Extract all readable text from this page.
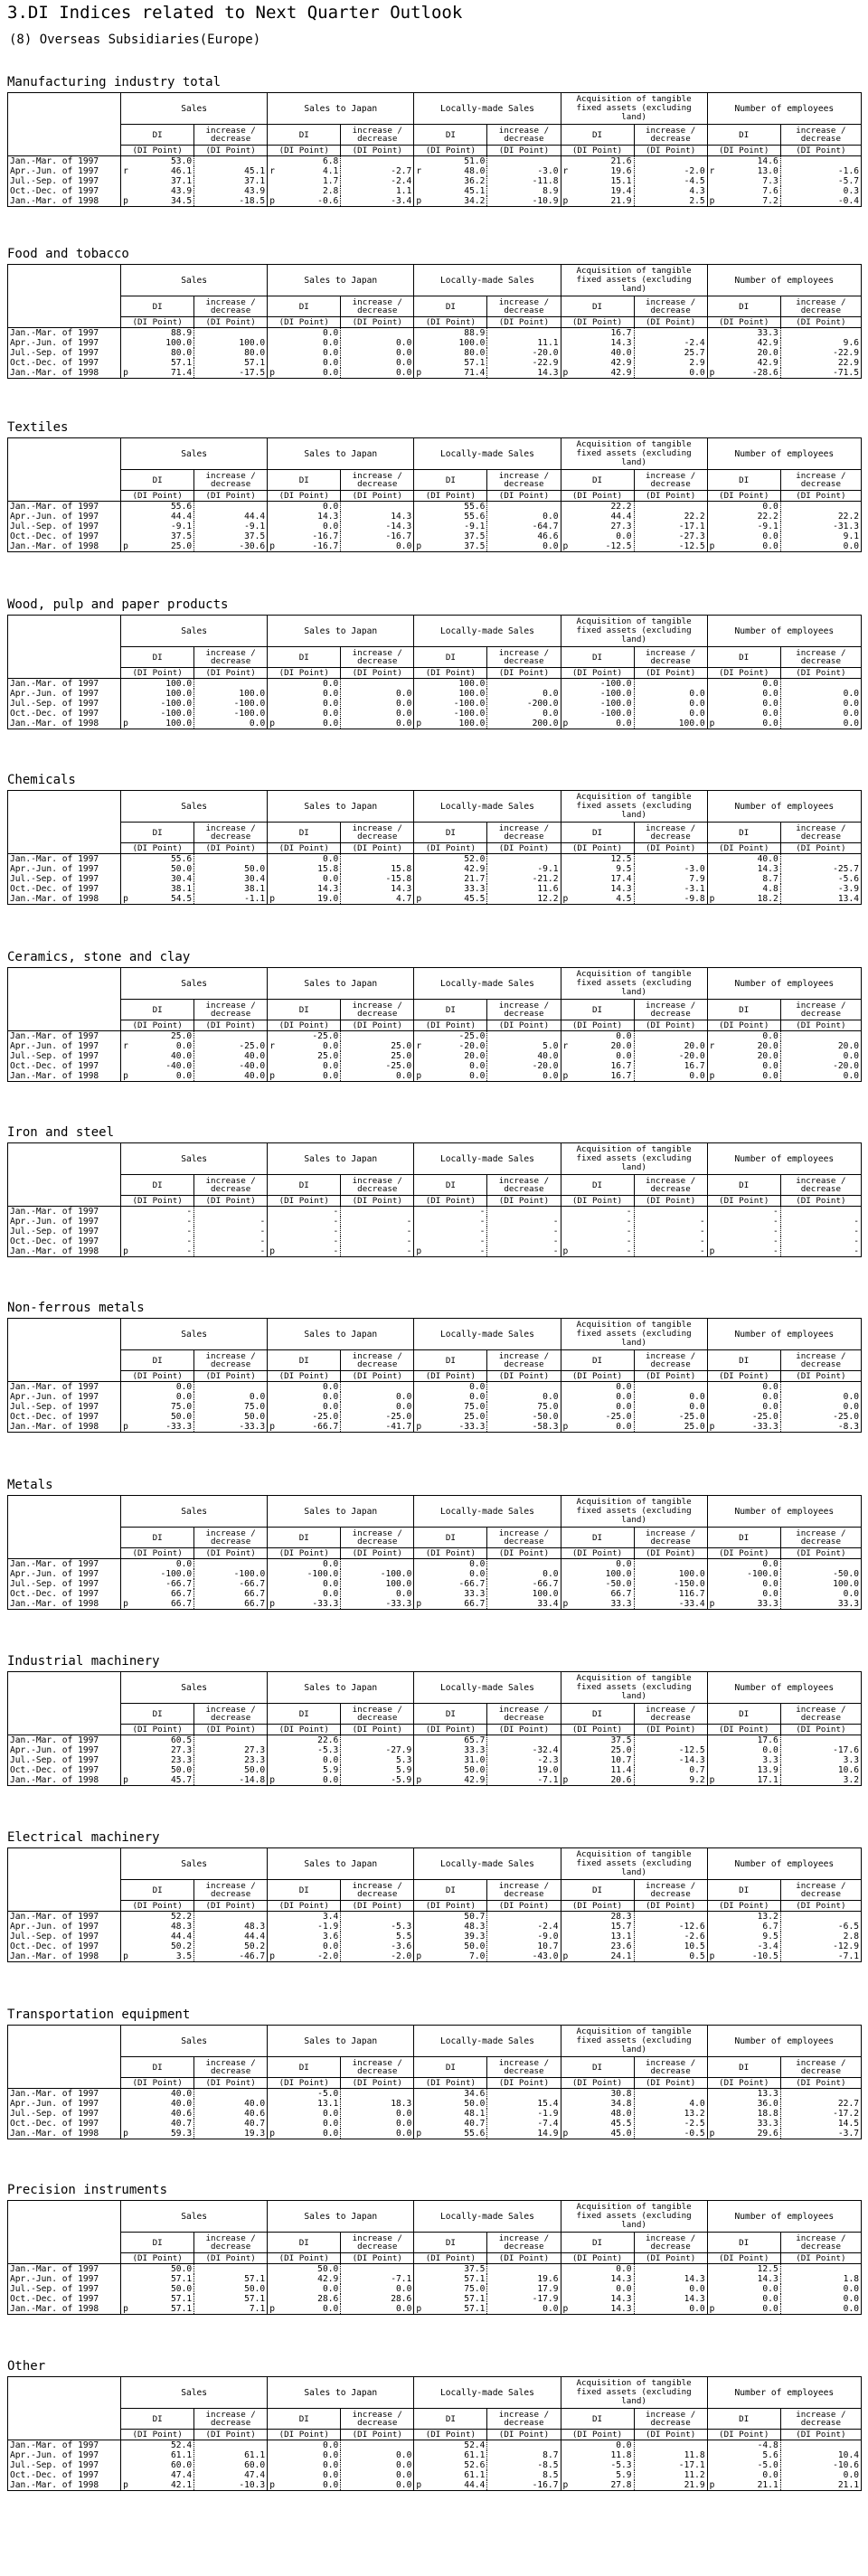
3.DI Indices related to Next Quarter Outlook
(8) Overseas Subsidiaries(Europe)
Manufacturing industry total
	Sales				Sales to Japan				Locally-made Sales				Acquisition of tangible fixed assets (excluding land)				Number of employees			
	DI		increase / decrease		DI		increase / decrease		DI		increase / decrease		DI		increase / decrease		DI		increase / decrease	
	(DI Point)		(DI Point)		(DI Point)		(DI Point)		(DI Point)		(DI Point)		(DI Point)		(DI Point)		(DI Point)		(DI Point)	
Jan.-Mar. of 1997		53.0				6.8				51.0				21.6				14.6		
Apr.-Jun. of 1997	r	46.1		45.1	r	4.1		-2.7	r	48.0		-3.0	r	19.6		-2.0	r	13.0		-1.6
Jul.-Sep. of 1997		37.1		37.1		1.7		-2.4		36.2		-11.8		15.1		-4.5		7.3		-5.7
Oct.-Dec. of 1997		43.9		43.9		2.8		1.1		45.1		8.9		19.4		4.3		7.6		0.3
Jan.-Mar. of 1998	p	34.5		-18.5	p	-0.6		-3.4	p	34.2		-10.9	p	21.9		2.5	p	7.2		-0.4
Food and tobacco
	Sales				Sales to Japan				Locally-made Sales				Acquisition of tangible fixed assets (excluding land)				Number of employees			
	DI		increase / decrease		DI		increase / decrease		DI		increase / decrease		DI		increase / decrease		DI		increase / decrease	
	(DI Point)		(DI Point)		(DI Point)		(DI Point)		(DI Point)		(DI Point)		(DI Point)		(DI Point)		(DI Point)		(DI Point)	
Jan.-Mar. of 1997		88.9				0.0				88.9				16.7				33.3		
Apr.-Jun. of 1997		100.0		100.0		0.0		0.0		100.0		11.1		14.3		-2.4		42.9		9.6
Jul.-Sep. of 1997		80.0		80.0		0.0		0.0		80.0		-20.0		40.0		25.7		20.0		-22.9
Oct.-Dec. of 1997		57.1		57.1		0.0		0.0		57.1		-22.9		42.9		2.9		42.9		22.9
Jan.-Mar. of 1998	p	71.4		-17.5	p	0.0		0.0	p	71.4		14.3	p	42.9		0.0	p	-28.6		-71.5
Textiles
	Sales				Sales to Japan				Locally-made Sales				Acquisition of tangible fixed assets (excluding land)				Number of employees			
	DI		increase / decrease		DI		increase / decrease		DI		increase / decrease		DI		increase / decrease		DI		increase / decrease	
	(DI Point)		(DI Point)		(DI Point)		(DI Point)		(DI Point)		(DI Point)		(DI Point)		(DI Point)		(DI Point)		(DI Point)	
Jan.-Mar. of 1997		55.6				0.0				55.6				22.2				0.0		
Apr.-Jun. of 1997		44.4		44.4		14.3		14.3		55.6		0.0		44.4		22.2		22.2		22.2
Jul.-Sep. of 1997		-9.1		-9.1		0.0		-14.3		-9.1		-64.7		27.3		-17.1		-9.1		-31.3
Oct.-Dec. of 1997		37.5		37.5		-16.7		-16.7		37.5		46.6		0.0		-27.3		0.0		9.1
Jan.-Mar. of 1998	p	25.0		-30.6	p	-16.7		0.0	p	37.5		0.0	p	-12.5		-12.5	p	0.0		0.0
Wood, pulp and paper products
	Sales				Sales to Japan				Locally-made Sales				Acquisition of tangible fixed assets (excluding land)				Number of employees			
	DI		increase / decrease		DI		increase / decrease		DI		increase / decrease		DI		increase / decrease		DI		increase / decrease	
	(DI Point)		(DI Point)		(DI Point)		(DI Point)		(DI Point)		(DI Point)		(DI Point)		(DI Point)		(DI Point)		(DI Point)	
Jan.-Mar. of 1997		100.0				0.0				100.0				-100.0				0.0		
Apr.-Jun. of 1997		100.0		100.0		0.0		0.0		100.0		0.0		-100.0		0.0		0.0		0.0
Jul.-Sep. of 1997		-100.0		-100.0		0.0		0.0		-100.0		-200.0		-100.0		0.0		0.0		0.0
Oct.-Dec. of 1997		-100.0		-100.0		0.0		0.0		-100.0		0.0		-100.0		0.0		0.0		0.0
Jan.-Mar. of 1998	p	100.0		0.0	p	0.0		0.0	p	100.0		200.0	p	0.0		100.0	p	0.0		0.0
Chemicals
	Sales				Sales to Japan				Locally-made Sales				Acquisition of tangible fixed assets (excluding land)				Number of employees			
	DI		increase / decrease		DI		increase / decrease		DI		increase / decrease		DI		increase / decrease		DI		increase / decrease	
	(DI Point)		(DI Point)		(DI Point)		(DI Point)		(DI Point)		(DI Point)		(DI Point)		(DI Point)		(DI Point)		(DI Point)	
Jan.-Mar. of 1997		55.6				0.0				52.0				12.5				40.0		
Apr.-Jun. of 1997		50.0		50.0		15.8		15.8		42.9		-9.1		9.5		-3.0		14.3		-25.7
Jul.-Sep. of 1997		30.4		30.4		0.0		-15.8		21.7		-21.2		17.4		7.9		8.7		-5.6
Oct.-Dec. of 1997		38.1		38.1		14.3		14.3		33.3		11.6		14.3		-3.1		4.8		-3.9
Jan.-Mar. of 1998	p	54.5		-1.1	p	19.0		4.7	p	45.5		12.2	p	4.5		-9.8	p	18.2		13.4
Ceramics, stone and clay
	Sales				Sales to Japan				Locally-made Sales				Acquisition of tangible fixed assets (excluding land)				Number of employees			
	DI		increase / decrease		DI		increase / decrease		DI		increase / decrease		DI		increase / decrease		DI		increase / decrease	
	(DI Point)		(DI Point)		(DI Point)		(DI Point)		(DI Point)		(DI Point)		(DI Point)		(DI Point)		(DI Point)		(DI Point)	
Jan.-Mar. of 1997		25.0				-25.0				-25.0				0.0				0.0		
Apr.-Jun. of 1997	r	0.0		-25.0	r	0.0		25.0	r	-20.0		5.0	r	20.0		20.0	r	20.0		20.0
Jul.-Sep. of 1997		40.0		40.0		25.0		25.0		20.0		40.0		0.0		-20.0		20.0		0.0
Oct.-Dec. of 1997		-40.0		-40.0		0.0		-25.0		0.0		-20.0		16.7		16.7		0.0		-20.0
Jan.-Mar. of 1998	p	0.0		40.0	p	0.0		0.0	p	0.0		0.0	p	16.7		0.0	p	0.0		0.0
Iron and steel
	Sales				Sales to Japan				Locally-made Sales				Acquisition of tangible fixed assets (excluding land)				Number of employees			
	DI		increase / decrease		DI		increase / decrease		DI		increase / decrease		DI		increase / decrease		DI		increase / decrease	
	(DI Point)		(DI Point)		(DI Point)		(DI Point)		(DI Point)		(DI Point)		(DI Point)		(DI Point)		(DI Point)		(DI Point)	
Jan.-Mar. of 1997		-				-				-				-				-		
Apr.-Jun. of 1997		-		-		-		-		-		-		-		-		-		-
Jul.-Sep. of 1997		-		-		-		-		-		-		-		-		-		-
Oct.-Dec. of 1997		-		-		-		-		-		-		-		-		-		-
Jan.-Mar. of 1998	p	-		-	p	-		-	p	-		-	p	-		-	p	-		-
Non-ferrous metals
	Sales				Sales to Japan				Locally-made Sales				Acquisition of tangible fixed assets (excluding land)				Number of employees			
	DI		increase / decrease		DI		increase / decrease		DI		increase / decrease		DI		increase / decrease		DI		increase / decrease	
	(DI Point)		(DI Point)		(DI Point)		(DI Point)		(DI Point)		(DI Point)		(DI Point)		(DI Point)		(DI Point)		(DI Point)	
Jan.-Mar. of 1997		0.0				0.0				0.0				0.0				0.0		
Apr.-Jun. of 1997		0.0		0.0		0.0		0.0		0.0		0.0		0.0		0.0		0.0		0.0
Jul.-Sep. of 1997		75.0		75.0		0.0		0.0		75.0		75.0		0.0		0.0		0.0		0.0
Oct.-Dec. of 1997		50.0		50.0		-25.0		-25.0		25.0		-50.0		-25.0		-25.0		-25.0		-25.0
Jan.-Mar. of 1998	p	-33.3		-33.3	p	-66.7		-41.7	p	-33.3		-58.3	p	0.0		25.0	p	-33.3		-8.3
Metals
	Sales				Sales to Japan				Locally-made Sales				Acquisition of tangible fixed assets (excluding land)				Number of employees			
	DI		increase / decrease		DI		increase / decrease		DI		increase / decrease		DI		increase / decrease		DI		increase / decrease	
	(DI Point)		(DI Point)		(DI Point)		(DI Point)		(DI Point)		(DI Point)		(DI Point)		(DI Point)		(DI Point)		(DI Point)	
Jan.-Mar. of 1997		0.0				0.0				0.0				0.0				0.0		
Apr.-Jun. of 1997		-100.0		-100.0		-100.0		-100.0		0.0		0.0		100.0		100.0		-100.0		-50.0
Jul.-Sep. of 1997		-66.7		-66.7		0.0		100.0		-66.7		-66.7		-50.0		-150.0		0.0		100.0
Oct.-Dec. of 1997		66.7		66.7		0.0		0.0		33.3		100.0		66.7		116.7		0.0		0.0
Jan.-Mar. of 1998	p	66.7		66.7	p	-33.3		-33.3	p	66.7		33.4	p	33.3		-33.4	p	33.3		33.3
Industrial machinery
	Sales				Sales to Japan				Locally-made Sales				Acquisition of tangible fixed assets (excluding land)				Number of employees			
	DI		increase / decrease		DI		increase / decrease		DI		increase / decrease		DI		increase / decrease		DI		increase / decrease	
	(DI Point)		(DI Point)		(DI Point)		(DI Point)		(DI Point)		(DI Point)		(DI Point)		(DI Point)		(DI Point)		(DI Point)	
Jan.-Mar. of 1997		60.5				22.6				65.7				37.5				17.6		
Apr.-Jun. of 1997		27.3		27.3		-5.3		-27.9		33.3		-32.4		25.0		-12.5		0.0		-17.6
Jul.-Sep. of 1997		23.3		23.3		0.0		5.3		31.0		-2.3		10.7		-14.3		3.3		3.3
Oct.-Dec. of 1997		50.0		50.0		5.9		5.9		50.0		19.0		11.4		0.7		13.9		10.6
Jan.-Mar. of 1998	p	45.7		-14.8	p	0.0		-5.9	p	42.9		-7.1	p	20.6		9.2	p	17.1		3.2
Electrical machinery
	Sales				Sales to Japan				Locally-made Sales				Acquisition of tangible fixed assets (excluding land)				Number of employees			
	DI		increase / decrease		DI		increase / decrease		DI		increase / decrease		DI		increase / decrease		DI		increase / decrease	
	(DI Point)		(DI Point)		(DI Point)		(DI Point)		(DI Point)		(DI Point)		(DI Point)		(DI Point)		(DI Point)		(DI Point)	
Jan.-Mar. of 1997		52.2				3.4				50.7				28.3				13.2		
Apr.-Jun. of 1997		48.3		48.3		-1.9		-5.3		48.3		-2.4		15.7		-12.6		6.7		-6.5
Jul.-Sep. of 1997		44.4		44.4		3.6		5.5		39.3		-9.0		13.1		-2.6		9.5		2.8
Oct.-Dec. of 1997		50.2		50.2		0.0		-3.6		50.0		10.7		23.6		10.5		-3.4		-12.9
Jan.-Mar. of 1998	p	3.5		-46.7	p	-2.0		-2.0	p	7.0		-43.0	p	24.1		0.5	p	-10.5		-7.1
Transportation equipment
	Sales				Sales to Japan				Locally-made Sales				Acquisition of tangible fixed assets (excluding land)				Number of employees			
	DI		increase / decrease		DI		increase / decrease		DI		increase / decrease		DI		increase / decrease		DI		increase / decrease	
	(DI Point)		(DI Point)		(DI Point)		(DI Point)		(DI Point)		(DI Point)		(DI Point)		(DI Point)		(DI Point)		(DI Point)	
Jan.-Mar. of 1997		40.0				-5.0				34.6				30.8				13.3		
Apr.-Jun. of 1997		40.0		40.0		13.1		18.3		50.0		15.4		34.8		4.0		36.0		22.7
Jul.-Sep. of 1997		40.6		40.6		0.0		0.0		48.1		-1.9		48.0		13.2		18.8		-17.2
Oct.-Dec. of 1997		40.7		40.7		0.0		0.0		40.7		-7.4		45.5		-2.5		33.3		14.5
Jan.-Mar. of 1998	p	59.3		19.3	p	0.0		0.0	p	55.6		14.9	p	45.0		-0.5	p	29.6		-3.7
Precision instruments
	Sales				Sales to Japan				Locally-made Sales				Acquisition of tangible fixed assets (excluding land)				Number of employees			
	DI		increase / decrease		DI		increase / decrease		DI		increase / decrease		DI		increase / decrease		DI		increase / decrease	
	(DI Point)		(DI Point)		(DI Point)		(DI Point)		(DI Point)		(DI Point)		(DI Point)		(DI Point)		(DI Point)		(DI Point)	
Jan.-Mar. of 1997		50.0				50.0				37.5				0.0				12.5		
Apr.-Jun. of 1997		57.1		57.1		42.9		-7.1		57.1		19.6		14.3		14.3		14.3		1.8
Jul.-Sep. of 1997		50.0		50.0		0.0		0.0		75.0		17.9		0.0		0.0		0.0		0.0
Oct.-Dec. of 1997		57.1		57.1		28.6		28.6		57.1		-17.9		14.3		14.3		0.0		0.0
Jan.-Mar. of 1998	p	57.1		7.1	p	0.0		0.0	p	57.1		0.0	p	14.3		0.0	p	0.0		0.0
Other
	Sales				Sales to Japan				Locally-made Sales				Acquisition of tangible fixed assets (excluding land)				Number of employees			
	DI		increase / decrease		DI		increase / decrease		DI		increase / decrease		DI		increase / decrease		DI		increase / decrease	
	(DI Point)		(DI Point)		(DI Point)		(DI Point)		(DI Point)		(DI Point)		(DI Point)		(DI Point)		(DI Point)		(DI Point)	
Jan.-Mar. of 1997		52.4				0.0				52.4				0.0				-4.8		
Apr.-Jun. of 1997		61.1		61.1		0.0		0.0		61.1		8.7		11.8		11.8		5.6		10.4
Jul.-Sep. of 1997		60.0		60.0		0.0		0.0		52.6		-8.5		-5.3		-17.1		-5.0		-10.6
Oct.-Dec. of 1997		47.4		47.4		0.0		0.0		61.1		8.5		5.9		11.2		0.0		0.0
Jan.-Mar. of 1998	p	42.1		-10.3	p	0.0		0.0	p	44.4		-16.7	p	27.8		21.9	p	21.1		21.1
